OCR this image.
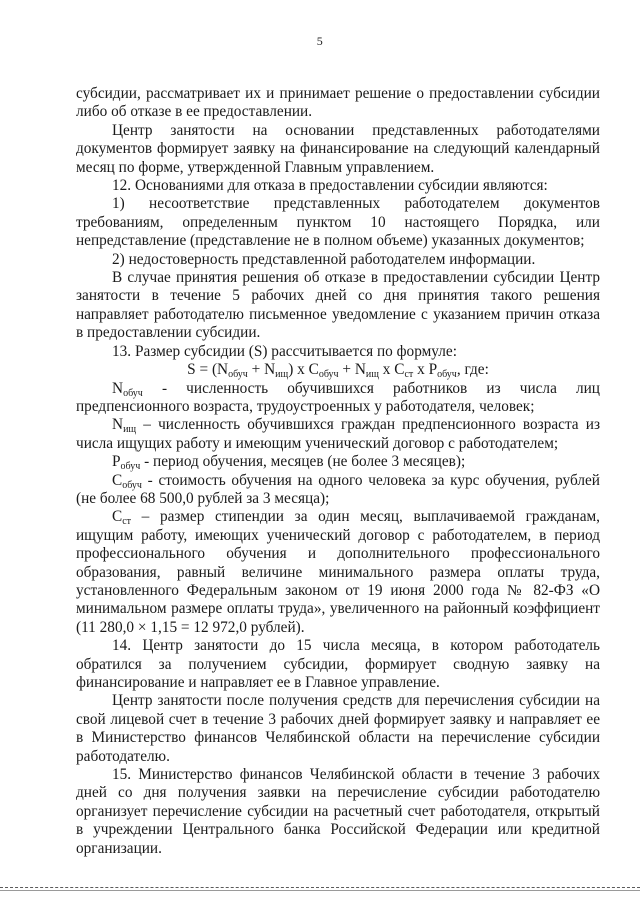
5

субсидии, рассматривает их и принимает решение о предоставлении субсидии либо об отказе в ее предоставлении.

Центр занятости на основании представленных работодателями документов формирует заявку на финансирование на следующий календарный месяц по форме, утвержденной Главным управлением.

12. Основаниями для отказа в предоставлении субсидии являются:

1) несоответствие представленных работодателем документов требованиям, определенным пунктом 10 настоящего Порядка, или непредставление (представление не в полном объеме) указанных документов;

2) недостоверность представленной работодателем информации.

В случае принятия решения об отказе в предоставлении субсидии Центр занятости в течение 5 рабочих дней со дня принятия такого решения направляет работодателю письменное уведомление с указанием причин отказа в предоставлении субсидии.

13. Размер субсидии (S) рассчитывается по формуле:

$S = (N_{обуч} + N_{ищ})$ x $C_{обуч} + N_{ищ}$ x $C_{ст}$ x $P_{обуч}$, где:

$N_{обуч}$ - численность обучившихся работников из числа лиц предпенсионного возраста, трудоустроенных у работодателя, человек;

$N_{ищ}$ – численность обучившихся граждан предпенсионного возраста из числа ищущих работу и имеющим ученический договор с работодателем;

$P_{обуч}$ - период обучения, месяцев (не более 3 месяцев);

$C_{обуч}$ - стоимость обучения на одного человека за курс обучения, рублей (не более 68 500,0 рублей за 3 месяца);

$C_{ст}$ – размер стипендии за один месяц, выплачиваемой гражданам, ищущим работу, имеющих ученический договор с работодателем, в период профессионального обучения и дополнительного профессионального образования, равный величине минимального размера оплаты труда, установленного Федеральным законом от 19 июня 2000 года № 82-ФЗ «О минимальном размере оплаты труда», увеличенного на районный коэффициент (11 280,0 × 1,15 = 12 972,0 рублей).

14. Центр занятости до 15 числа месяца, в котором работодатель обратился за получением субсидии, формирует сводную заявку на финансирование и направляет ее в Главное управление.

Центр занятости после получения средств для перечисления субсидии на свой лицевой счет в течение 3 рабочих дней формирует заявку и направляет ее в Министерство финансов Челябинской области на перечисление субсидии работодателю.

15. Министерство финансов Челябинской области в течение 3 рабочих дней со дня получения заявки на перечисление субсидии работодателю организует перечисление субсидии на расчетный счет работодателя, открытый в учреждении Центрального банка Российской Федерации или кредитной организации.
